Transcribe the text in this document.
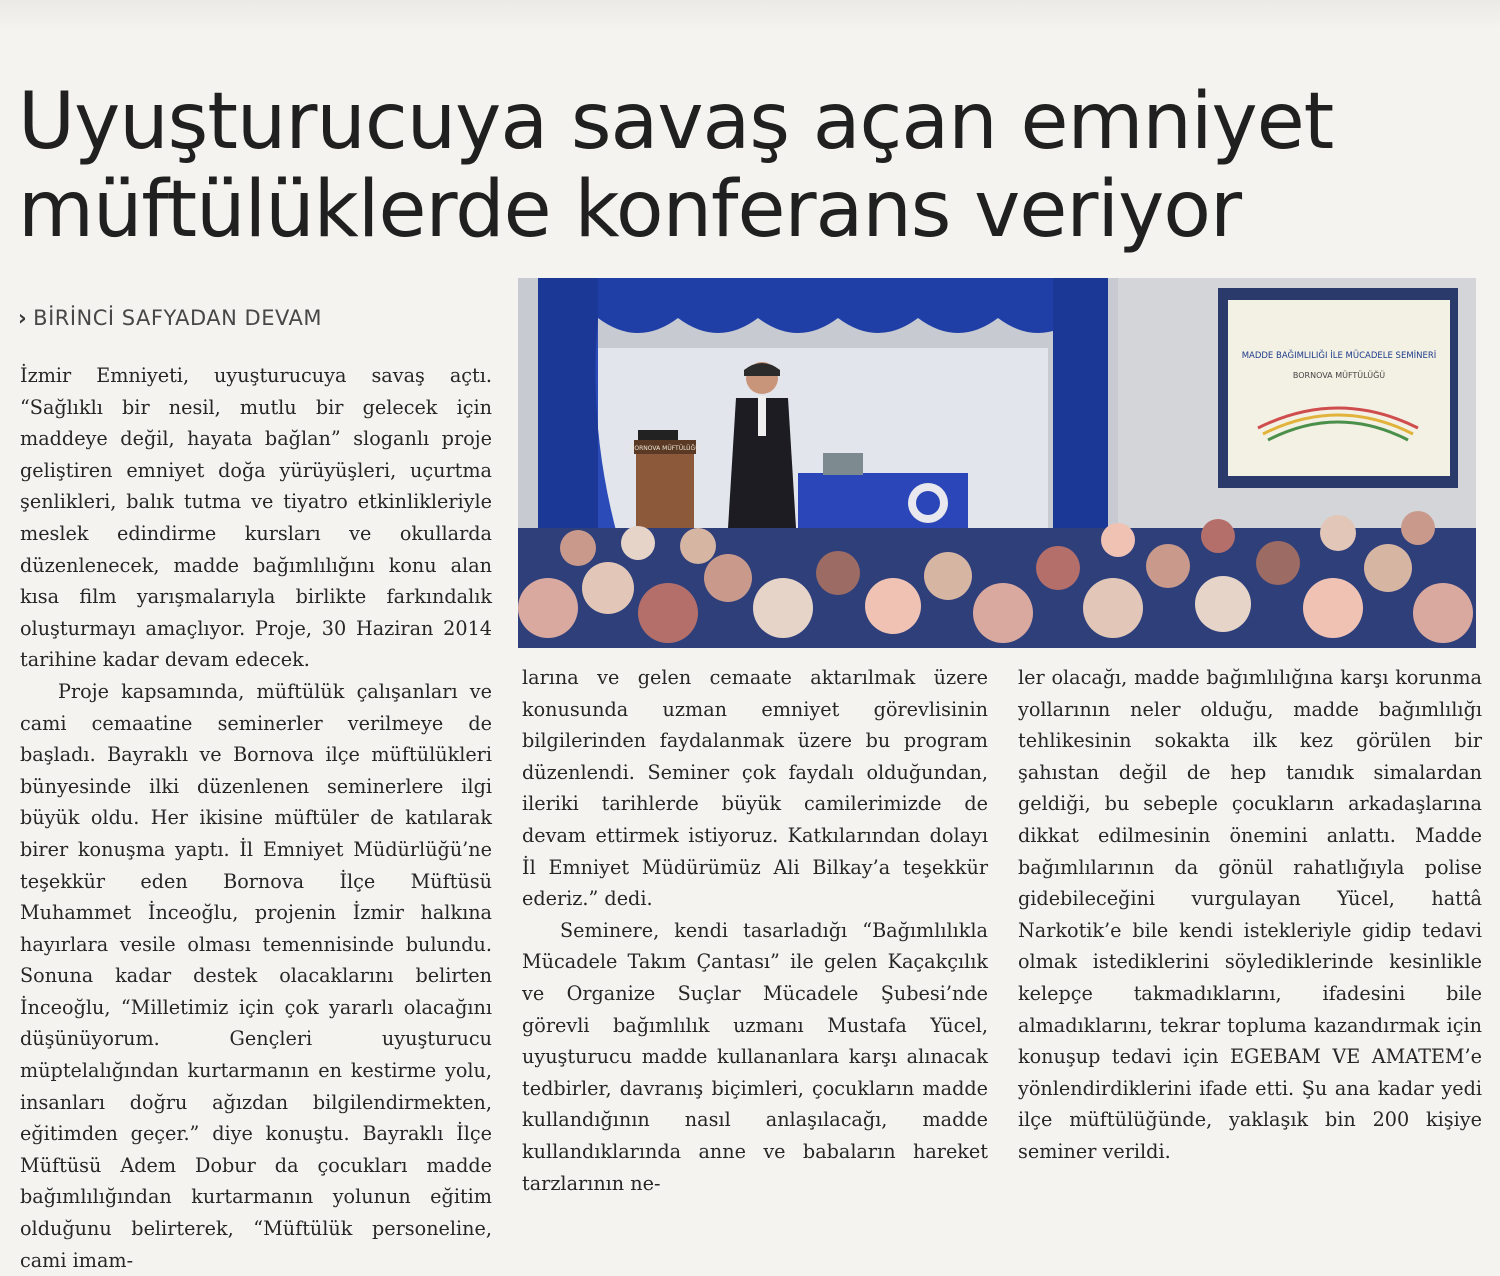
Uyuşturucuya savaş açan emniyet
müftülüklerde konferans veriyor
› BİRİNCİ SAFYADAN DEVAM

İzmir Emniyeti, uyuşturucuya savaş açtı. “Sağlıklı bir nesil, mutlu bir gelecek için maddeye değil, hayata bağlan” sloganlı proje geliştiren emniyet doğa yürüyüşleri, uçurtma şenlikleri, balık tutma ve tiyatro etkinlikleriyle meslek edindirme kursları ve okullarda düzenlenecek, madde bağımlılığını konu alan kısa film yarışmalarıyla birlikte farkındalık oluşturmayı amaçlıyor. Proje, 30 Haziran 2014 tarihine kadar devam edecek.

Proje kapsamında, müftülük çalışanları ve cami cemaatine seminerler verilmeye de başladı. Bayraklı ve Bornova ilçe müftülükleri bünyesinde ilki düzenlenen seminerlere ilgi büyük oldu. Her ikisine müftüler de katılarak birer konuşma yaptı. İl Emniyet Müdürlüğü’ne teşekkür eden Bornova İlçe Müftüsü Muhammet İnceoğlu, projenin İzmir halkına hayırlara vesile olması temennisinde bulundu. Sonuna kadar destek olacaklarını belirten İnceoğlu, “Milletimiz için çok yararlı olacağını düşünüyorum. Gençleri uyuşturucu müptelalığından kurtarmanın en kestirme yolu, insanları doğru ağızdan bilgilendirmekten, eğitimden geçer.” diye konuştu. Bayraklı İlçe Müftüsü Adem Dobur da çocukları madde bağımlılığından kurtarmanın yolunun eğitim olduğunu belirterek, “Müftülük personeline, cami imam-

MADDE BAĞIMLILIĞI İLE MÜCADELE SEMİNERİ
BORNOVA MÜFTÜLÜĞÜ
BORNOVA MÜFTÜLÜĞÜ

larına ve gelen cemaate aktarılmak üzere konusunda uzman emniyet görevlisinin bilgilerinden faydalanmak üzere bu program düzenlendi. Seminer çok faydalı olduğundan, ileriki tarihlerde büyük camilerimizde de devam ettirmek istiyoruz. Katkılarından dolayı İl Emniyet Müdürümüz Ali Bilkay’a teşekkür ederiz.” dedi.

Seminere, kendi tasarladığı “Bağımlılıkla Mücadele Takım Çantası” ile gelen Kaçakçılık ve Organize Suçlar Mücadele Şubesi’nde görevli bağımlılık uzmanı Mustafa Yücel, uyuşturucu madde kullananlara karşı alınacak tedbirler, davranış biçimleri, çocukların madde kullandığının nasıl anlaşılacağı, madde kullandıklarında anne ve babaların hareket tarzlarının ne-

ler olacağı, madde bağımlılığına karşı korunma yollarının neler olduğu, madde bağımlılığı tehlikesinin sokakta ilk kez görülen bir şahıstan değil de hep tanıdık simalardan geldiği, bu sebeple çocukların arkadaşlarına dikkat edilmesinin önemini anlattı. Madde bağımlılarının da gönül rahatlığıyla polise gidebileceğini vurgulayan Yücel, hattâ Narkotik’e bile kendi istekleriyle gidip tedavi olmak istediklerini söylediklerinde kesinlikle kelepçe takmadıklarını, ifadesini bile almadıklarını, tekrar topluma kazandırmak için konuşup tedavi için EGEBAM VE AMATEM’e yönlendirdiklerini ifade etti. Şu ana kadar yedi ilçe müftülüğünde, yaklaşık bin 200 kişiye seminer verildi.
